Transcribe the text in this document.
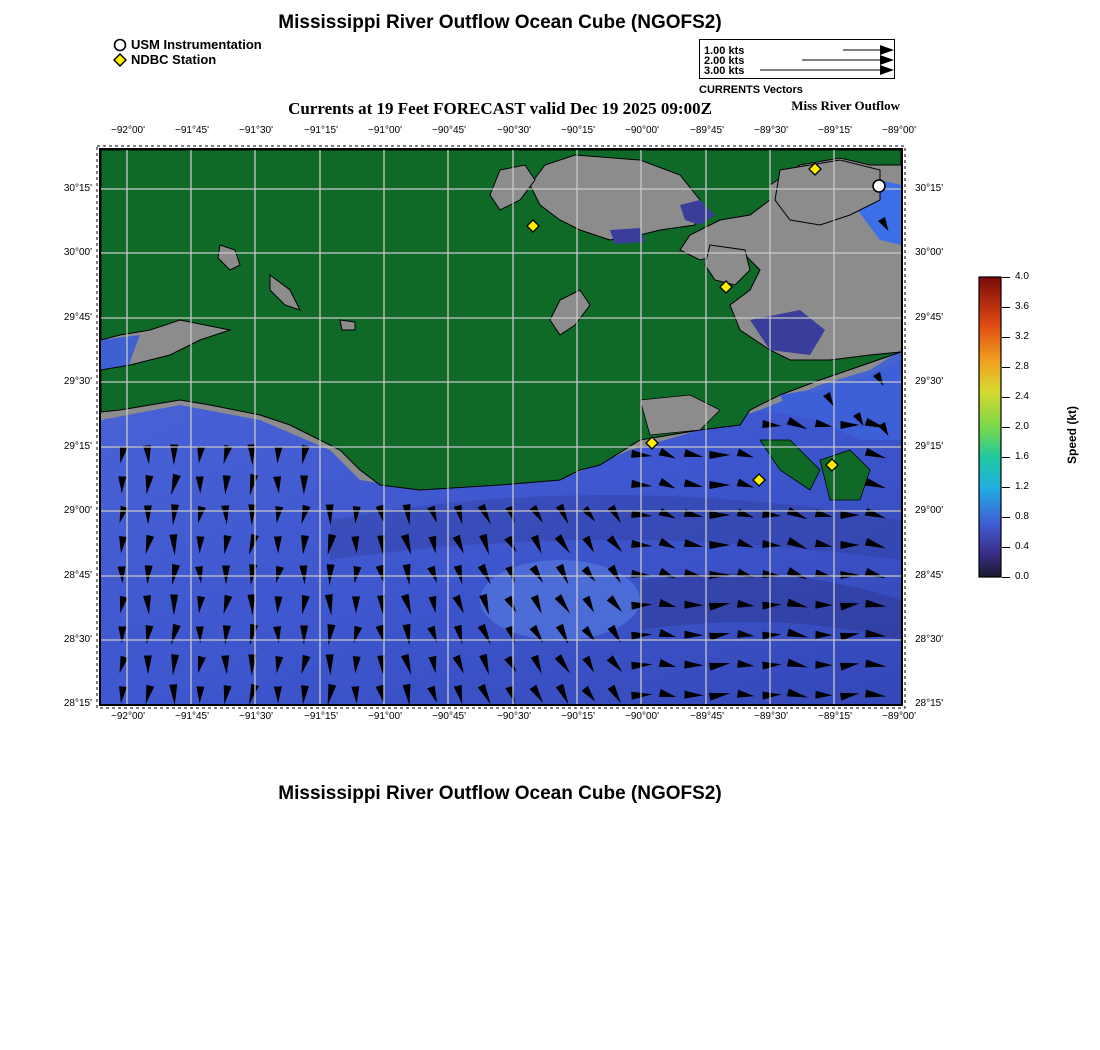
Mississippi River Outflow Ocean Cube (NGOFS2)
USM Instrumentation
NDBC Station
1.00 kts
2.00 kts
3.00 kts
CURRENTS Vectors
Currents at 19 Feet FORECAST valid Dec 19 2025 09:00Z	Miss River Outflow
−92°00'
−92°00'
−91°45'
−91°45'
−91°30'
−91°30'
−91°15'
−91°15'
−91°00'
−91°00'
−90°45'
−90°45'
−90°30'
−90°30'
−90°15'
−90°15'
−90°00'
−90°00'
−89°45'
−89°45'
−89°30'
−89°30'
−89°15'
−89°15'
−89°00'
−89°00'
30°15'	30°15'
30°00'	30°00'
29°45'	29°45'
29°30'	29°30'
29°15'	29°15'
29°00'	29°00'
28°45'	28°45'
28°30'	28°30'
28°15'	28°15'
4.0
3.6
3.2
2.8
2.4
2.0
1.6
1.2
0.8
0.4
0.0
Speed (kt)
Mississippi River Outflow Ocean Cube (NGOFS2)
